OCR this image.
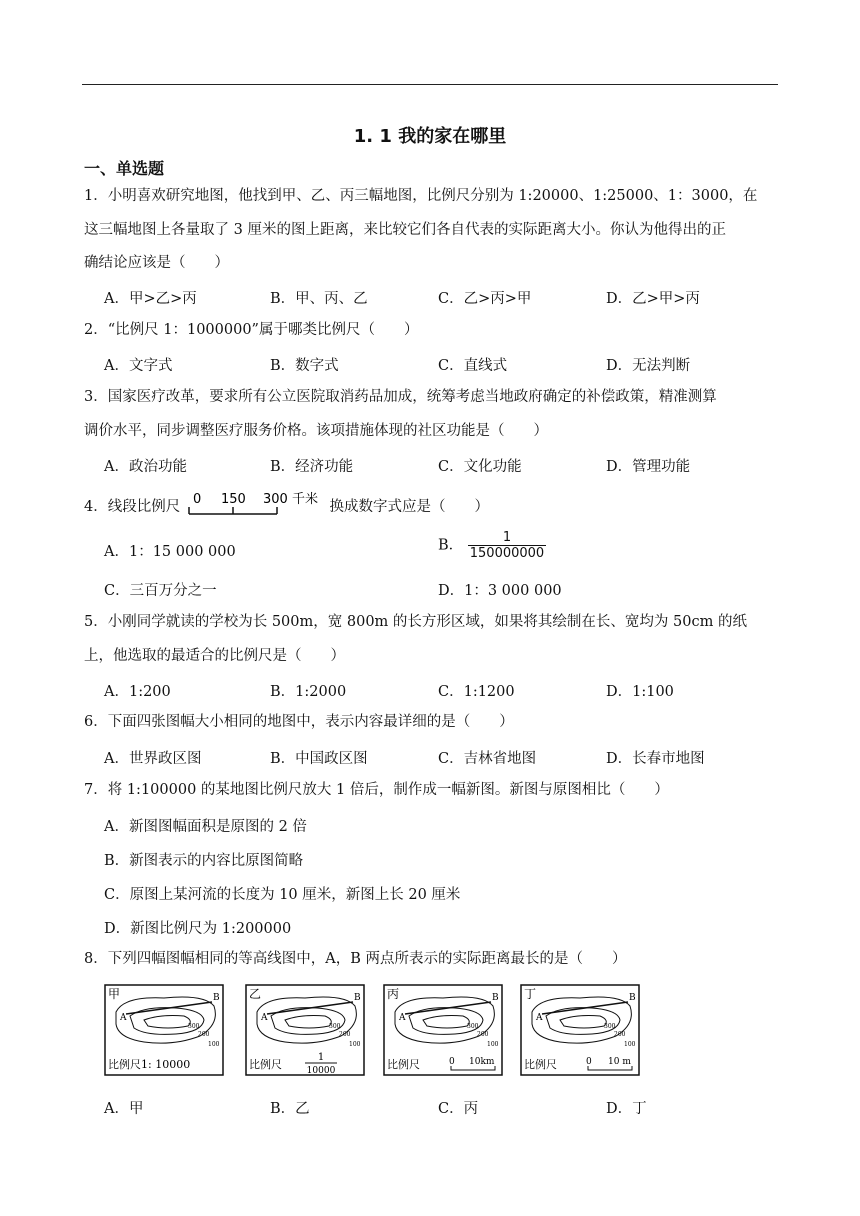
1. 1 我的家在哪里
一、单选题
1．小明喜欢研究地图，他找到甲、乙、丙三幅地图，比例尺分别为 1:20000、1:25000、1：3000，在
这三幅地图上各量取了 3 厘米的图上距离，来比较它们各自代表的实际距离大小。你认为他得出的正
确结论应该是（　　）
A．甲>乙>丙	B．甲、丙、乙	C．乙>丙>甲	D．乙>甲>丙
2．“比例尺 1：1000000”属于哪类比例尺（　　）
A．文字式	B．数字式	C．直线式	D．无法判断
3．国家医疗改革，要求所有公立医院取消药品加成，统筹考虑当地政府确定的补偿政策，精准测算
调价水平，同步调整医疗服务价格。该项措施体现的社区功能是（　　）
A．政治功能	B．经济功能	C．文化功能	D．管理功能
4．线段比例尺 0 150 300 千米 换成数字式应是（　　）
A．1：15 000 000	B． $\frac{1}{150000000}$
C．三百万分之一	D．1：3 000 000
5．小刚同学就读的学校为长 500m，宽 800m 的长方形区域，如果将其绘制在长、宽均为 50cm 的纸
上，他选取的最适合的比例尺是（　　）
A．1:200	B．1:2000	C．1:1200	D．1:100
6．下面四张图幅大小相同的地图中，表示内容最详细的是（　　）
A．世界政区图	B．中国政区图	C．吉林省地图	D．长春市地图
7．将 1:100000 的某地图比例尺放大 1 倍后，制作成一幅新图。新图与原图相比（　　）
A．新图图幅面积是原图的 2 倍
B．新图表示的内容比原图简略
C．原图上某河流的长度为 10 厘米，新图上长 20 厘米
D．新图比例尺为 1:200000
8．下列四幅图幅相同的等高线图中，A，B 两点所表示的实际距离最长的是（　　）
甲
A
B
300
200
100
比例尺1: 10000
乙
A
B
300
200
100
比例尺
1
10000
丙
A
B
300
200
100
比例尺	0 10km
丁
A
B
300
200
100
比例尺	0 10 m
A．甲	B．乙	C．丙	D．丁
